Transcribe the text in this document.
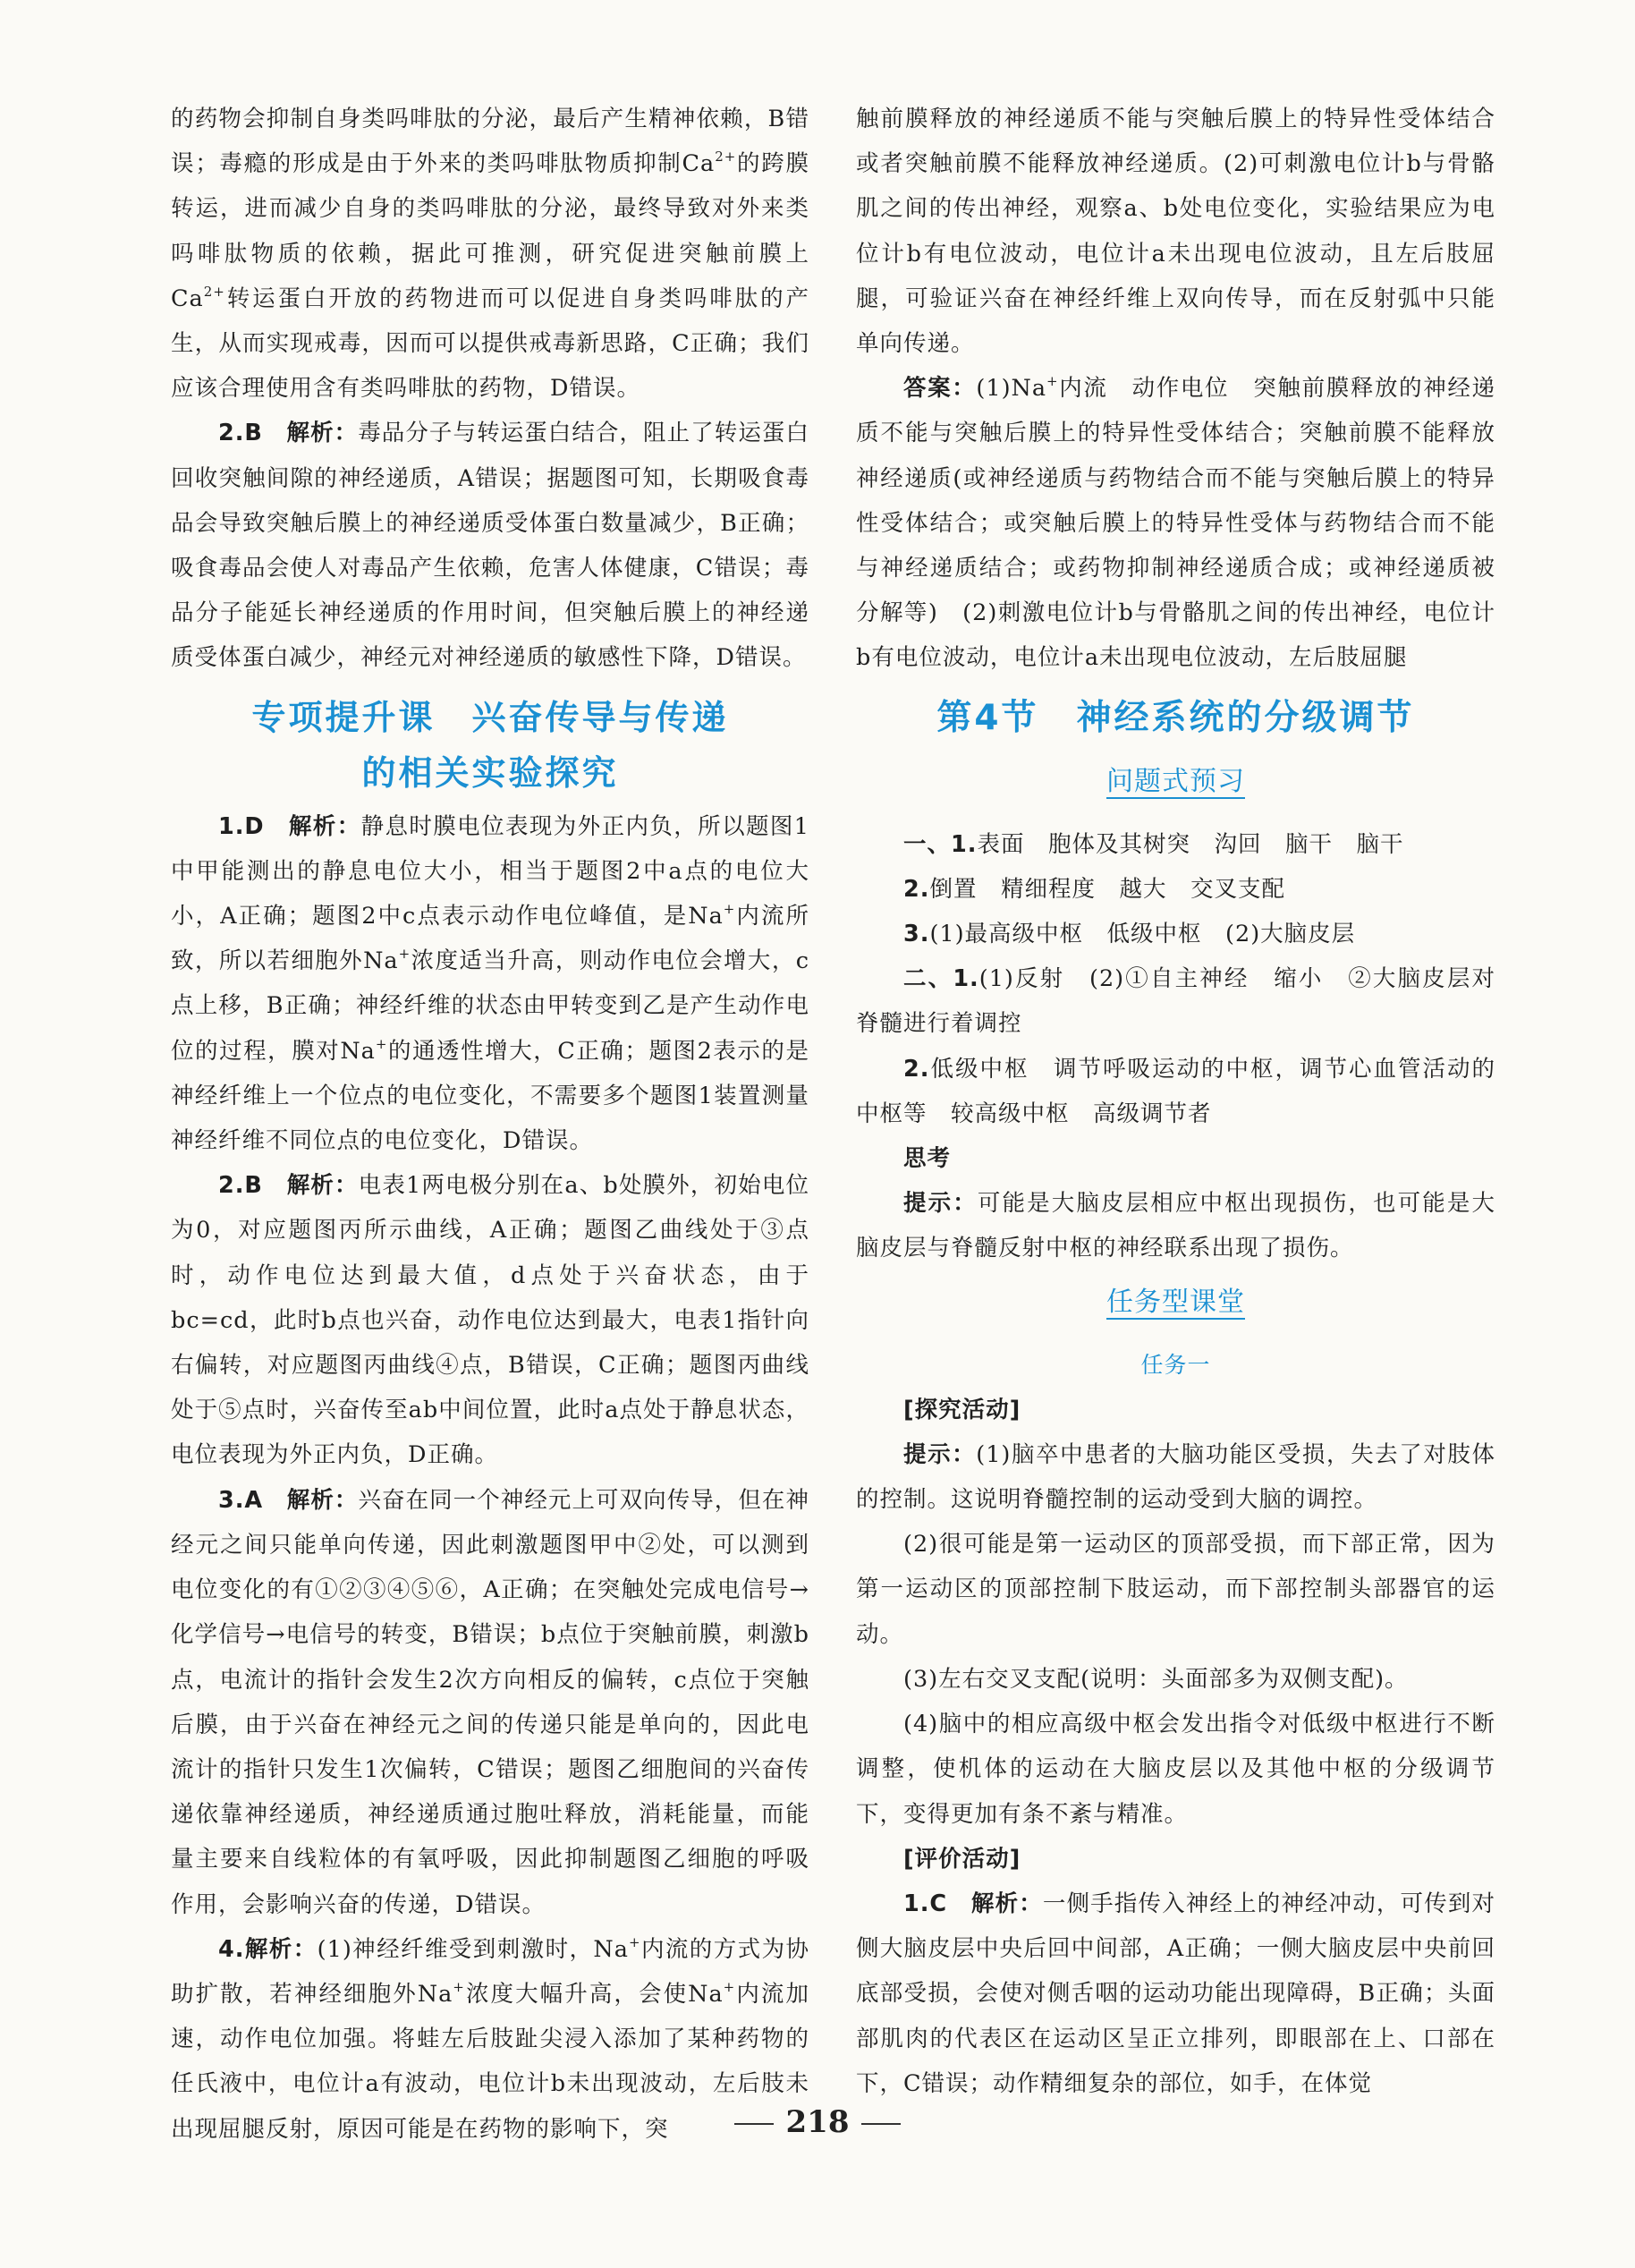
的药物会抑制自身类吗啡肽的分泌，最后产生精神依赖，B错误；毒瘾的形成是由于外来的类吗啡肽物质抑制$Ca^{2+}$的跨膜转运，进而减少自身的类吗啡肽的分泌，最终导致对外来类吗啡肽物质的依赖，据此可推测，研究促进突触前膜上$Ca^{2+}$转运蛋白开放的药物进而可以促进自身类吗啡肽的产生，从而实现戒毒，因而可以提供戒毒新思路，C正确；我们应该合理使用含有类吗啡肽的药物，D错误。

2.B　解析：毒品分子与转运蛋白结合，阻止了转运蛋白回收突触间隙的神经递质，A错误；据题图可知，长期吸食毒品会导致突触后膜上的神经递质受体蛋白数量减少，B正确；吸食毒品会使人对毒品产生依赖，危害人体健康，C错误；毒品分子能延长神经递质的作用时间，但突触后膜上的神经递质受体蛋白减少，神经元对神经递质的敏感性下降，D错误。

专项提升课　兴奋传导与传递
的相关实验探究

1.D　解析：静息时膜电位表现为外正内负，所以题图1中甲能测出的静息电位大小，相当于题图2中a点的电位大小，A正确；题图2中c点表示动作电位峰值，是Na+内流所致，所以若细胞外Na+浓度适当升高，则动作电位会增大，c点上移，B正确；神经纤维的状态由甲转变到乙是产生动作电位的过程，膜对Na+的通透性增大，C正确；题图2表示的是神经纤维上一个位点的电位变化，不需要多个题图1装置测量神经纤维不同位点的电位变化，D错误。

2.B　解析：电表1两电极分别在a、b处膜外，初始电位为0，对应题图丙所示曲线，A正确；题图乙曲线处于③点时，动作电位达到最大值，d点处于兴奋状态，由于bc=cd，此时b点也兴奋，动作电位达到最大，电表1指针向右偏转，对应题图丙曲线④点，B错误，C正确；题图丙曲线处于⑤点时，兴奋传至ab中间位置，此时a点处于静息状态，电位表现为外正内负，D正确。

3.A　解析：兴奋在同一个神经元上可双向传导，但在神经元之间只能单向传递，因此刺激题图甲中②处，可以测到电位变化的有①②③④⑤⑥，A正确；在突触处完成电信号→化学信号→电信号的转变，B错误；b点位于突触前膜，刺激b点，电流计的指针会发生2次方向相反的偏转，c点位于突触后膜，由于兴奋在神经元之间的传递只能是单向的，因此电流计的指针只发生1次偏转，C错误；题图乙细胞间的兴奋传递依靠神经递质，神经递质通过胞吐释放，消耗能量，而能量主要来自线粒体的有氧呼吸，因此抑制题图乙细胞的呼吸作用，会影响兴奋的传递，D错误。

4.解析：(1)神经纤维受到刺激时，Na+内流的方式为协助扩散，若神经细胞外Na+浓度大幅升高，会使Na+内流加速，动作电位加强。将蛙左后肢趾尖浸入添加了某种药物的任氏液中，电位计a有波动，电位计b未出现波动，左后肢未出现屈腿反射，原因可能是在药物的影响下，突

触前膜释放的神经递质不能与突触后膜上的特异性受体结合或者突触前膜不能释放神经递质。(2)可刺激电位计b与骨骼肌之间的传出神经，观察a、b处电位变化，实验结果应为电位计b有电位波动，电位计a未出现电位波动，且左后肢屈腿，可验证兴奋在神经纤维上双向传导，而在反射弧中只能单向传递。

答案：(1)Na+内流　动作电位　突触前膜释放的神经递质不能与突触后膜上的特异性受体结合；突触前膜不能释放神经递质(或神经递质与药物结合而不能与突触后膜上的特异性受体结合；或突触后膜上的特异性受体与药物结合而不能与神经递质结合；或药物抑制神经递质合成；或神经递质被分解等)　(2)刺激电位计b与骨骼肌之间的传出神经，电位计b有电位波动，电位计a未出现电位波动，左后肢屈腿

第4节　神经系统的分级调节
问题式预习

一、1.表面　胞体及其树突　沟回　脑干　脑干

2.倒置　精细程度　越大　交叉支配

3.(1)最高级中枢　低级中枢　(2)大脑皮层

二、1.(1)反射　(2)①自主神经　缩小　②大脑皮层对脊髓进行着调控

2.低级中枢　调节呼吸运动的中枢，调节心血管活动的中枢等　较高级中枢　高级调节者

思考

提示：可能是大脑皮层相应中枢出现损伤，也可能是大脑皮层与脊髓反射中枢的神经联系出现了损伤。

任务型课堂
任务一
[探究活动]

提示：(1)脑卒中患者的大脑功能区受损，失去了对肢体的控制。这说明脊髓控制的运动受到大脑的调控。

(2)很可能是第一运动区的顶部受损，而下部正常，因为第一运动区的顶部控制下肢运动，而下部控制头部器官的运动。

(3)左右交叉支配(说明：头面部多为双侧支配)。

(4)脑中的相应高级中枢会发出指令对低级中枢进行不断调整，使机体的运动在大脑皮层以及其他中枢的分级调节下，变得更加有条不紊与精准。

[评价活动]

1.C　解析：一侧手指传入神经上的神经冲动，可传到对侧大脑皮层中央后回中间部，A正确；一侧大脑皮层中央前回底部受损，会使对侧舌咽的运动功能出现障碍，B正确；头面部肌肉的代表区在运动区呈正立排列，即眼部在上、口部在下，C错误；动作精细复杂的部位，如手，在体觉

218
